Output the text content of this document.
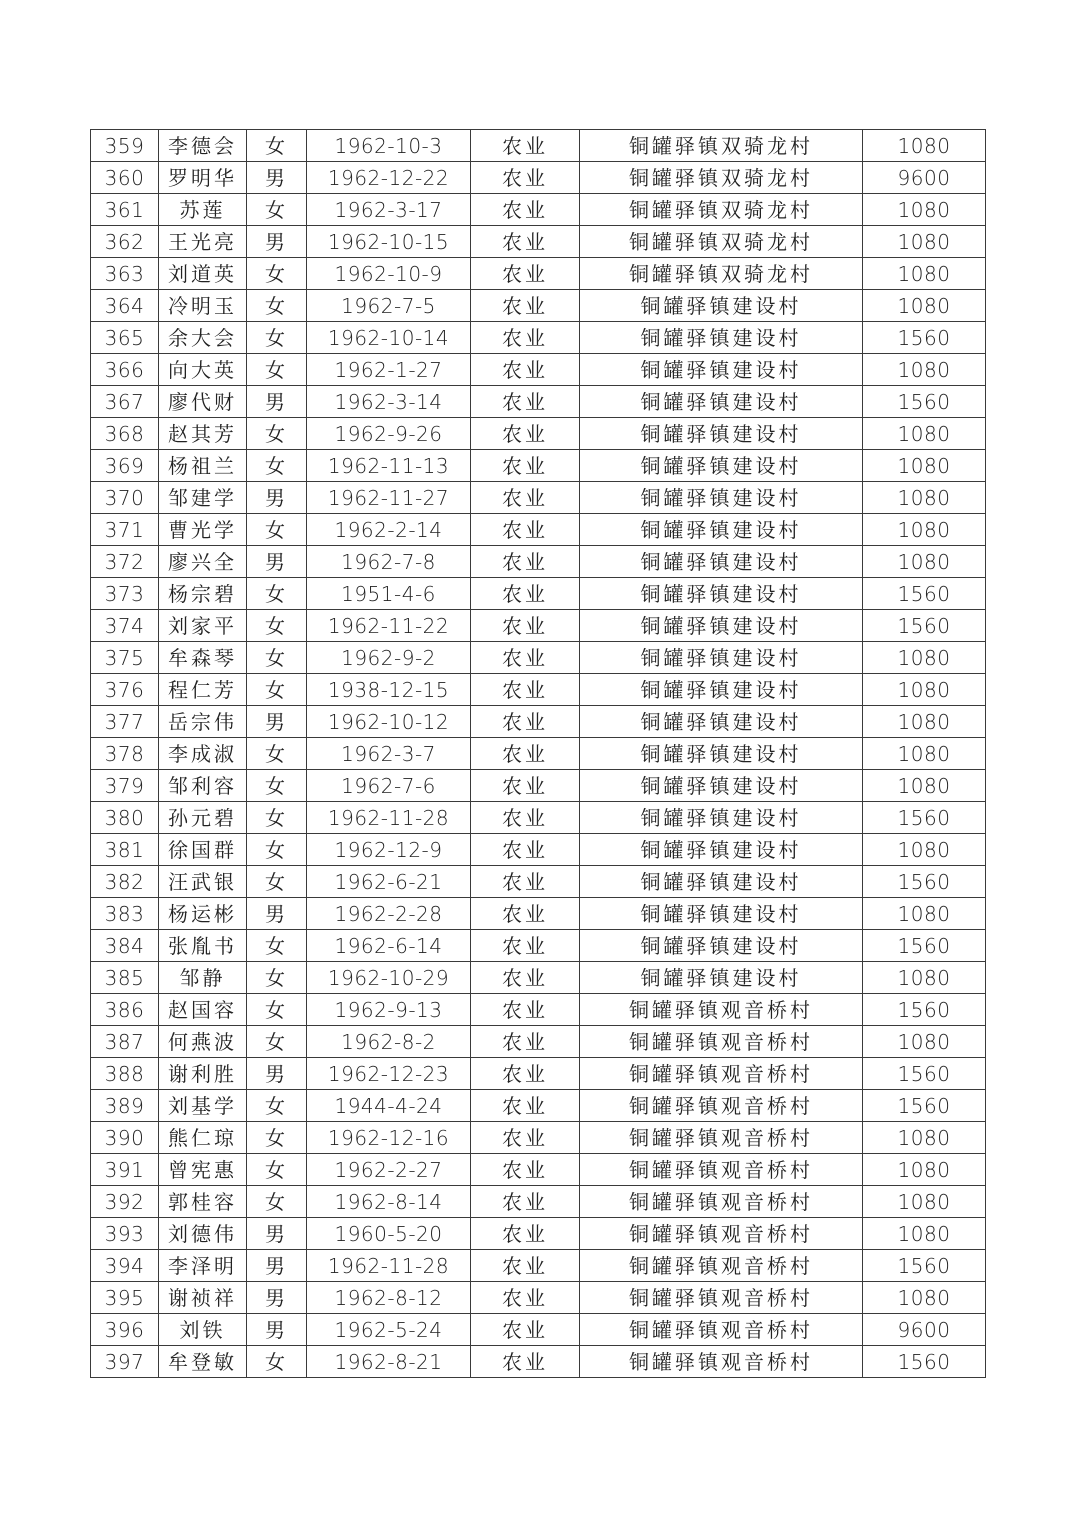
359	李德会	女	1962-10-3	农业	铜罐驿镇双骑龙村	1080
360	罗明华	男	1962-12-22	农业	铜罐驿镇双骑龙村	9600
361	苏莲	女	1962-3-17	农业	铜罐驿镇双骑龙村	1080
362	王光亮	男	1962-10-15	农业	铜罐驿镇双骑龙村	1080
363	刘道英	女	1962-10-9	农业	铜罐驿镇双骑龙村	1080
364	冷明玉	女	1962-7-5	农业	铜罐驿镇建设村	1080
365	余大会	女	1962-10-14	农业	铜罐驿镇建设村	1560
366	向大英	女	1962-1-27	农业	铜罐驿镇建设村	1080
367	廖代财	男	1962-3-14	农业	铜罐驿镇建设村	1560
368	赵其芳	女	1962-9-26	农业	铜罐驿镇建设村	1080
369	杨祖兰	女	1962-11-13	农业	铜罐驿镇建设村	1080
370	邹建学	男	1962-11-27	农业	铜罐驿镇建设村	1080
371	曹光学	女	1962-2-14	农业	铜罐驿镇建设村	1080
372	廖兴全	男	1962-7-8	农业	铜罐驿镇建设村	1080
373	杨宗碧	女	1951-4-6	农业	铜罐驿镇建设村	1560
374	刘家平	女	1962-11-22	农业	铜罐驿镇建设村	1560
375	牟森琴	女	1962-9-2	农业	铜罐驿镇建设村	1080
376	程仁芳	女	1938-12-15	农业	铜罐驿镇建设村	1080
377	岳宗伟	男	1962-10-12	农业	铜罐驿镇建设村	1080
378	李成淑	女	1962-3-7	农业	铜罐驿镇建设村	1080
379	邹利容	女	1962-7-6	农业	铜罐驿镇建设村	1080
380	孙元碧	女	1962-11-28	农业	铜罐驿镇建设村	1560
381	徐国群	女	1962-12-9	农业	铜罐驿镇建设村	1080
382	汪武银	女	1962-6-21	农业	铜罐驿镇建设村	1560
383	杨运彬	男	1962-2-28	农业	铜罐驿镇建设村	1080
384	张胤书	女	1962-6-14	农业	铜罐驿镇建设村	1560
385	邹静	女	1962-10-29	农业	铜罐驿镇建设村	1080
386	赵国容	女	1962-9-13	农业	铜罐驿镇观音桥村	1560
387	何燕波	女	1962-8-2	农业	铜罐驿镇观音桥村	1080
388	谢利胜	男	1962-12-23	农业	铜罐驿镇观音桥村	1560
389	刘基学	女	1944-4-24	农业	铜罐驿镇观音桥村	1560
390	熊仁琼	女	1962-12-16	农业	铜罐驿镇观音桥村	1080
391	曾宪惠	女	1962-2-27	农业	铜罐驿镇观音桥村	1080
392	郭桂容	女	1962-8-14	农业	铜罐驿镇观音桥村	1080
393	刘德伟	男	1960-5-20	农业	铜罐驿镇观音桥村	1080
394	李泽明	男	1962-11-28	农业	铜罐驿镇观音桥村	1560
395	谢祯祥	男	1962-8-12	农业	铜罐驿镇观音桥村	1080
396	刘铁	男	1962-5-24	农业	铜罐驿镇观音桥村	9600
397	牟登敏	女	1962-8-21	农业	铜罐驿镇观音桥村	1560
